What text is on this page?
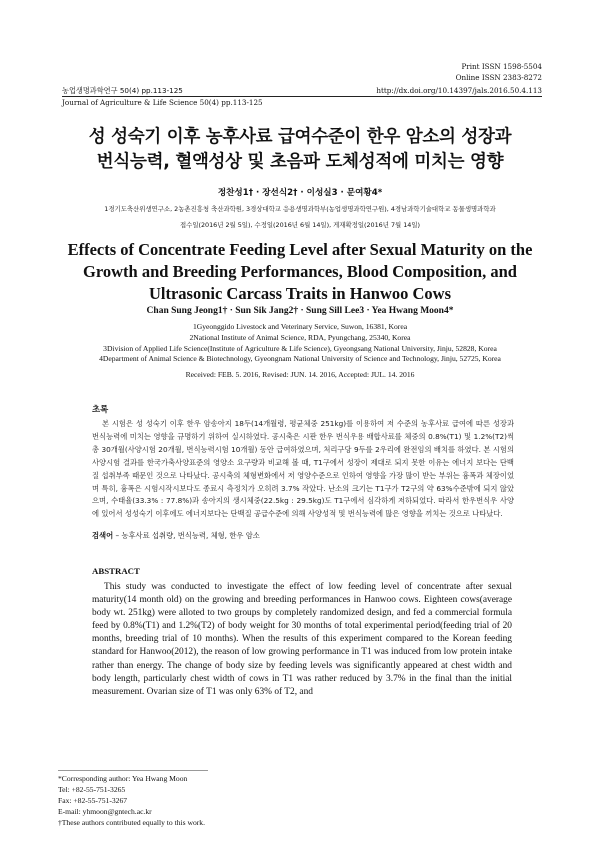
Print ISSN 1598-5504
Online ISSN 2383-8272
농업생명과학연구 50(4) pp.113-125	http://dx.doi.org/10.14397/jals.2016.50.4.113
Journal of Agriculture & Life Science 50(4) pp.113-125
성 성숙기 이후 농후사료 급여수준이 한우 암소의 성장과
번식능력, 혈액성상 및 초음파 도체성적에 미치는 영향
정찬성1† · 장선식2† · 이성실3 · 문여황4*
1경기도축산위생연구소, 2농촌진흥청 축산과학원, 3경상대학교 응용생명과학부(농업생명과학연구원), 4경남과학기술대학교 동물생명과학과
접수일(2016년 2월 5일), 수정일(2016년 6월 14일), 게재확정일(2016년 7월 14일)
Effects of Concentrate Feeding Level after Sexual Maturity on the
Growth and Breeding Performances, Blood Composition, and
Ultrasonic Carcass Traits in Hanwoo Cows
Chan Sung Jeong1† · Sun Sik Jang2† · Sung Sill Lee3 · Yea Hwang Moon4*
1Gyeonggido Livestock and Veterinary Service, Suwon, 16381, Korea
2National Institute of Animal Science, RDA, Pyungchang, 25340, Korea
3Division of Applied Life Science(Institute of Agriculture & Life Science), Gyeongsang National University, Jinju, 52828, Korea
4Department of Animal Science & Biotechnology, Gyeongnam National University of Science and Technology, Jinju, 52725, Korea
Received: FEB. 5. 2016, Revised: JUN. 14. 2016, Accepted: JUL. 14. 2016
초록

본 시험은 성 성숙기 이후 한우 암송아지 18두(14개월령, 평균체중 251kg)를 이용하여 저 수준의 농후사료 급여에 따른 성장과 번식능력에 미치는 영향을 규명하기 위하여 실시하였다. 공시축은 시판 한우 번식우용 배합사료를 체중의 0.8%(T1) 및 1.2%(T2)씩 총 30개월(사양시험 20개월, 번식능력시험 10개월) 동안 급여하였으며, 처리구당 9두를 2우리에 완전임의 배치를 하였다. 본 시험의 사양시험 결과를 한국가축사양표준의 영양소 요구량과 비교해 볼 때, T1구에서 성장이 제대로 되지 못한 이유는 에너지 보다는 단백질 섭취부족 때문인 것으로 나타났다. 공시축의 체형변화에서 저 영양수준으로 인하여 영향을 가장 많이 받는 부위는 흉폭과 체장이었며 특히, 흉폭은 시험시작시보다도 종료시 측정치가 오히려 3.7% 작았다. 난소의 크기는 T1구가 T2구의 약 63%수준밖에 되지 않았으며, 수태율(33.3% : 77.8%)과 송아지의 생시체중(22.5kg : 29.5kg)도 T1구에서 심각하게 저하되었다. 따라서 한우번식우 사양에 있어서 성성숙기 이후에도 에너지보다는 단백질 공급수준에 의해 사양성적 및 번식능력에 많은 영향을 끼치는 것으로 나타났다.

검색어 – 농후사료 섭취량, 번식능력, 체형, 한우 암소
ABSTRACT

This study was conducted to investigate the effect of low feeding level of concentrate after sexual maturity(14 month old) on the growing and breeding performances in Hanwoo cows. Eighteen cows(average body wt. 251kg) were alloted to two groups by completely randomized design, and fed a commercial formula feed by 0.8%(T1) and 1.2%(T2) of body weight for 30 months of total experimental period(feeding trial of 20 months, breeding trial of 10 months). When the results of this experiment compared to the Korean feeding standard for Hanwoo(2012), the reason of low growing performance in T1 was induced from low protein intake rather than energy. The change of body size by feeding levels was significantly appeared at chest width and body length, particularly chest width of cows in T1 was rather reduced by 3.7% in the final than the initial measurement. Ovarian size of T1 was only 63% of T2, and

*Corresponding author: Yea Hwang Moon
Tel: +82-55-751-3265
Fax: +82-55-751-3267
E-mail: yhmoon@gntech.ac.kr
†These authors contributed equally to this work.
